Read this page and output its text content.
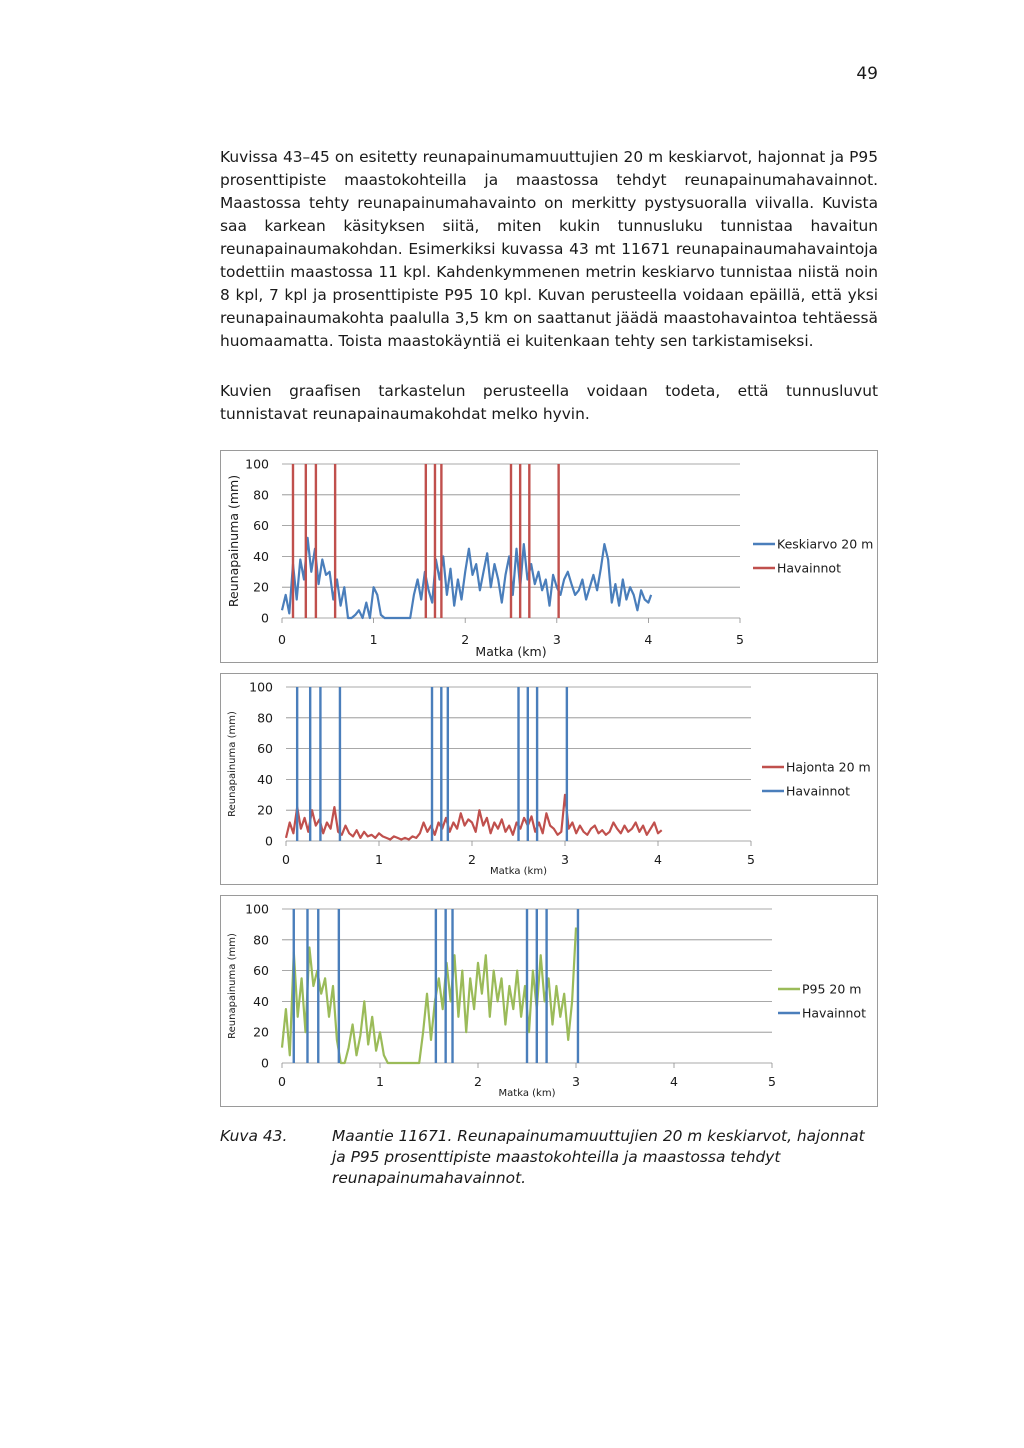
49

Kuvissa 43–45 on esitetty reunapainumamuuttujien 20 m keskiarvot, hajonnat ja P95 prosenttipiste maastokohteilla ja maastossa tehdyt reunapainumahavainnot. Maastossa tehty reunapainumahavainto on merkitty pystysuoralla viivalla. Kuvista saa karkean käsityksen siitä, miten kukin tunnusluku tunnistaa havaitun reunapainaumakohdan. Esimerkiksi kuvassa 43 mt 11671 reunapainaumahavaintoja todettiin maastossa 11 kpl. Kahdenkymmenen metrin keskiarvo tunnistaa niistä noin 8 kpl, 7 kpl ja prosenttipiste P95 10 kpl. Kuvan perusteella voidaan epäillä, että yksi reunapainaumakohta paalulla 3,5 km on saattanut jäädä maastohavaintoa tehtäessä huomaamatta. Toista maastokäyntiä ei kuitenkaan tehty sen tarkistamiseksi.

Kuvien graafisen tarkastelun perusteella voidaan todeta, että tunnusluvut tunnistavat reunapainaumakohdat melko hyvin.

0
20
40
60
80
100
0	1	2	3	4	5
Matka (km)
Reunapainuma (mm)	Keskiarvo 20 m
Havainnot
0
20
40
60
80
100
0	1	2	3	4	5
Matka (km)
Reunapainuma (mm)	Hajonta 20 m
Havainnot
0
20
40
60
80
100
0	1	2	3	4	5
Matka (km)
Reunapainuma (mm)	P95 20 m
Havainnot
Kuva 43.	Maantie 11671. Reunapainumamuuttujien 20 m keskiarvot, hajonnat ja P95 prosenttipiste maastokohteilla ja maastossa tehdyt reunapainumahavainnot.
